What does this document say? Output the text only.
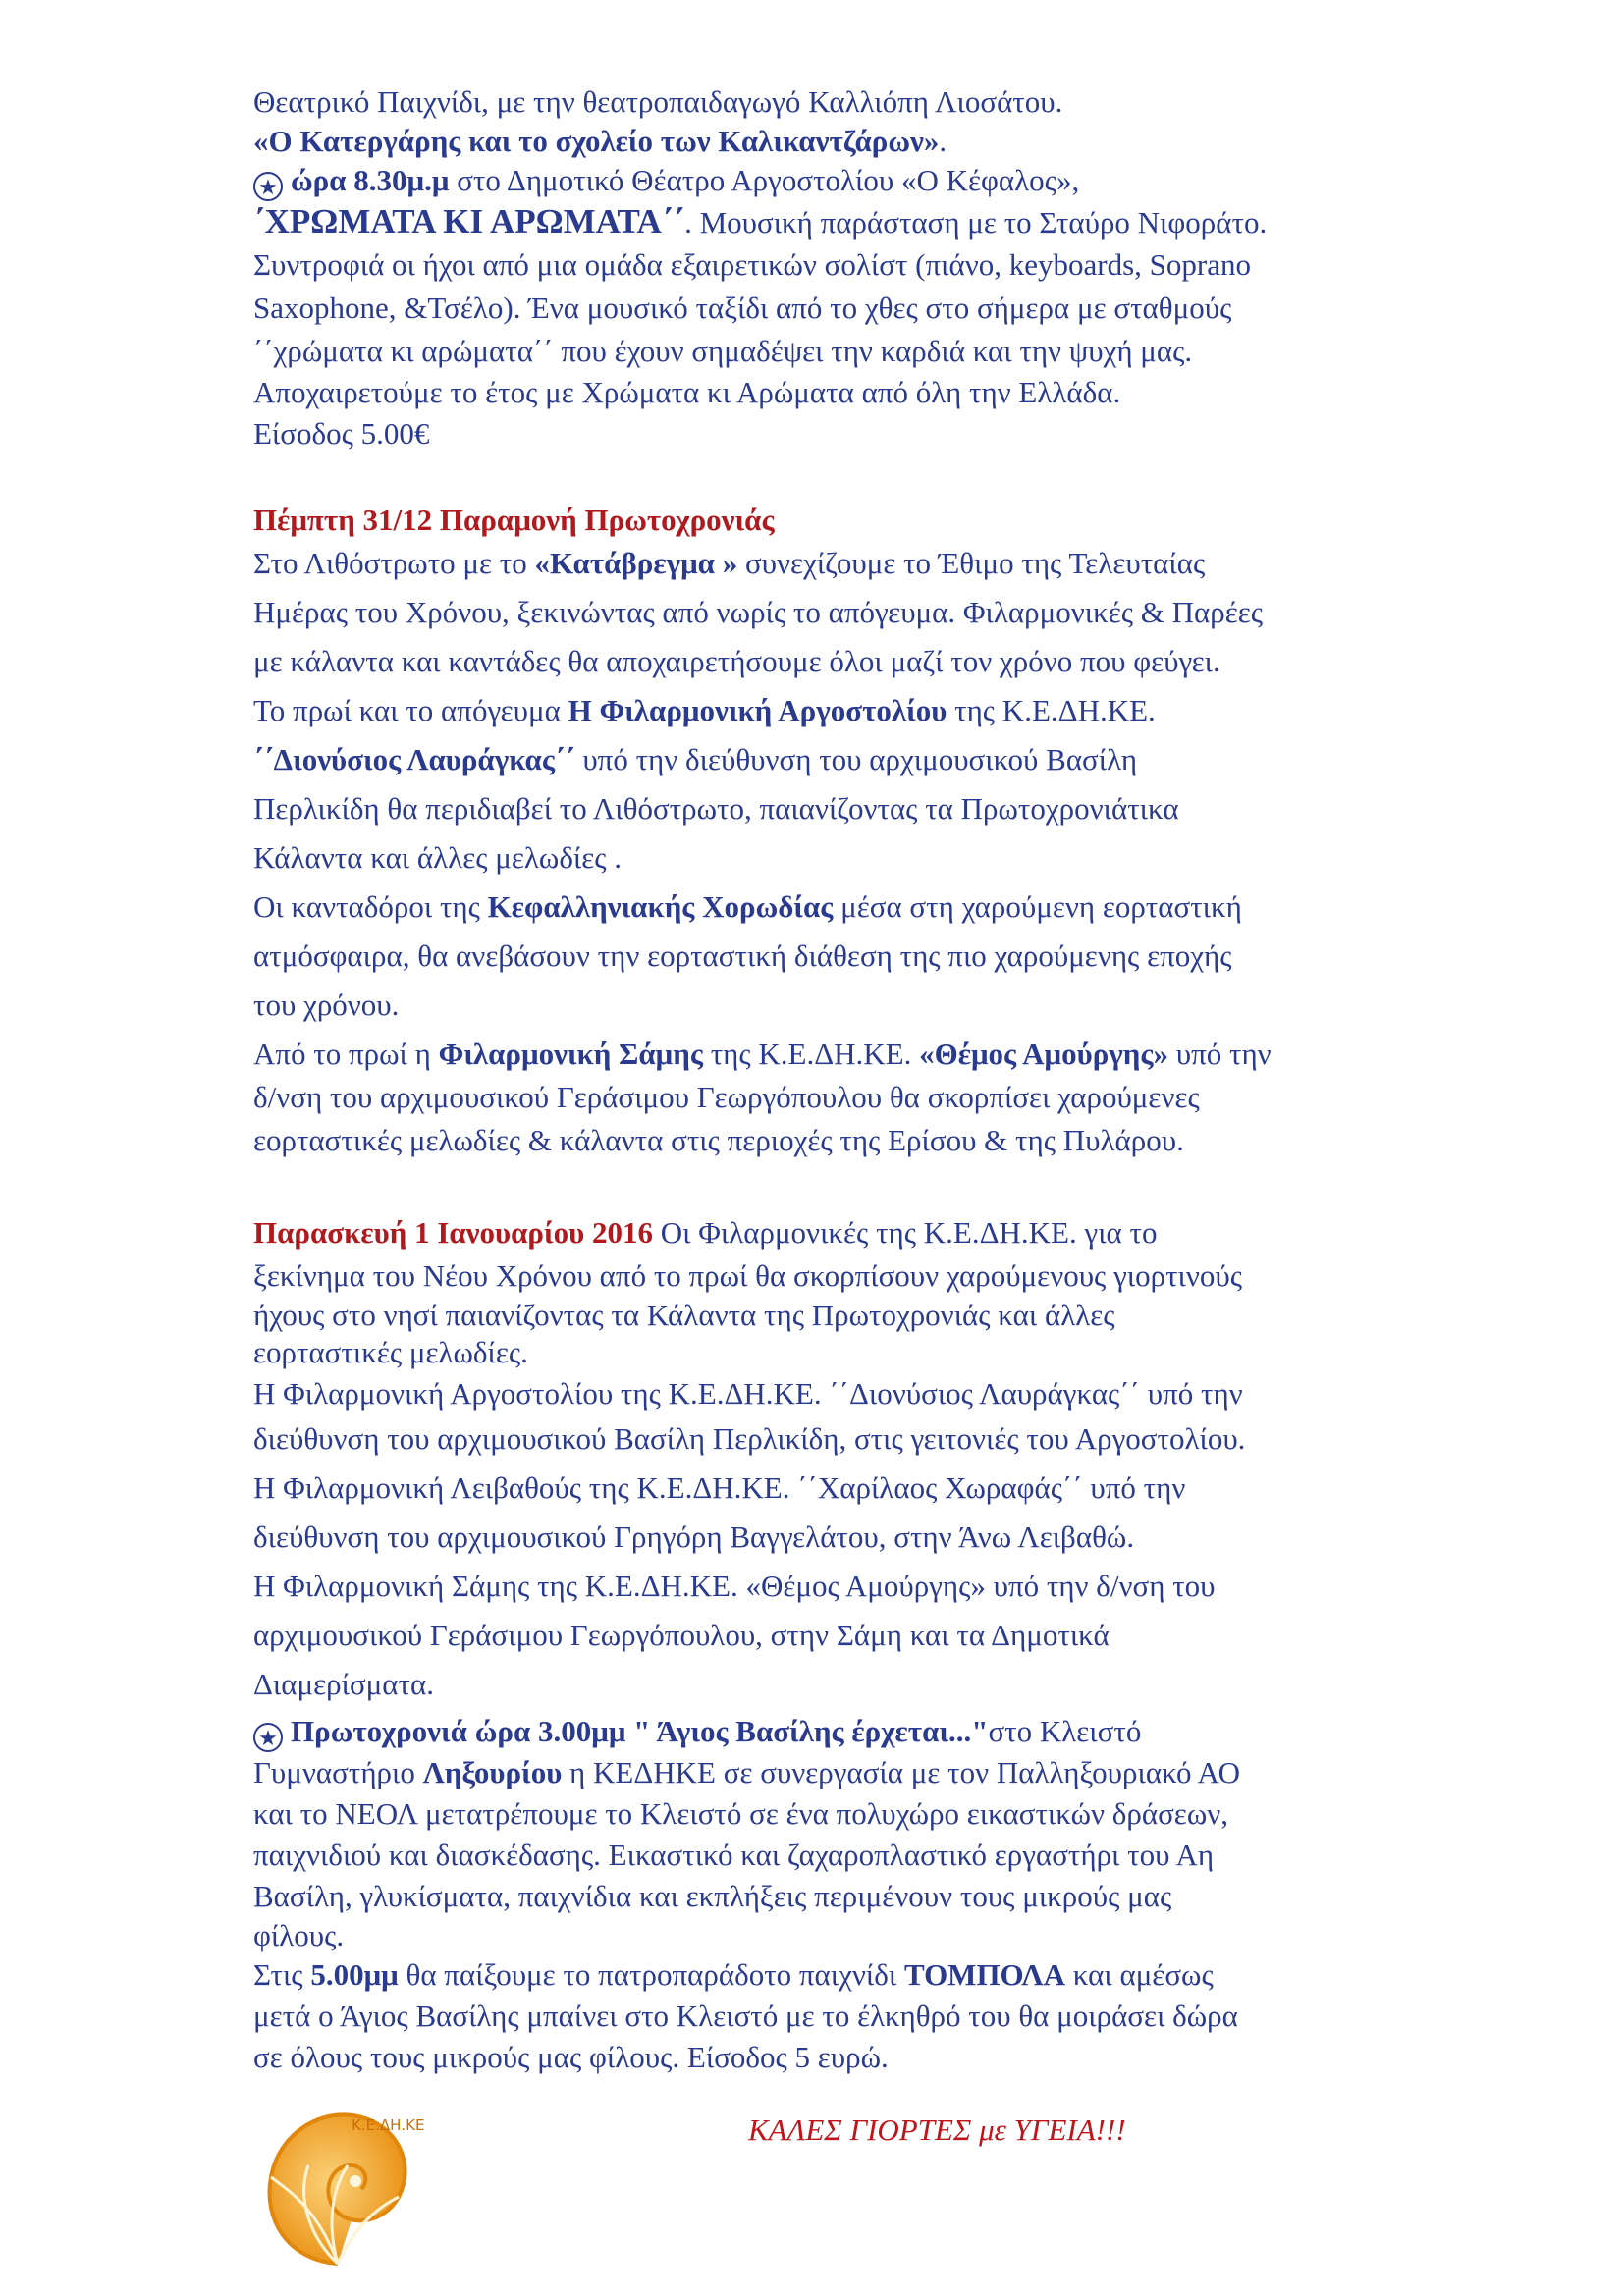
Θεατρικό Παιχνίδι, με την θεατροπαιδαγωγό Καλλιόπη Λιοσάτου.
«Ο Κατεργάρης και το σχολείο των Καλικαντζάρων».
★ ώρα 8.30μ.μ στο Δημοτικό Θέατρο Αργοστολίου «Ο Κέφαλος»,
΄ΧΡΩΜΑΤΑ ΚΙ ΑΡΩΜΑΤΑ΄΄. Μουσική παράσταση με το Σταύρο Νιφοράτο.
Συντροφιά οι ήχοι από μια ομάδα εξαιρετικών σολίστ (πιάνο, keyboards, Soprano
Saxophone, &Τσέλο). Ένα μουσικό ταξίδι από το χθες στο σήμερα με σταθμούς
΄΄χρώματα κι αρώματα΄΄ που έχουν σημαδέψει την καρδιά και την ψυχή μας.
Αποχαιρετούμε το έτος με Χρώματα κι Αρώματα από όλη την Ελλάδα.
Είσοδος 5.00€
Πέμπτη 31/12 Παραμονή Πρωτοχρονιάς
Στο Λιθόστρωτο με το «Κατάβρεγμα » συνεχίζουμε το Έθιμο της Τελευταίας
Ημέρας του Χρόνου, ξεκινώντας από νωρίς το απόγευμα. Φιλαρμονικές & Παρέες
με κάλαντα και καντάδες θα αποχαιρετήσουμε όλοι μαζί τον χρόνο που φεύγει.
Το πρωί και το απόγευμα Η Φιλαρμονική Αργοστολίου της Κ.Ε.ΔΗ.ΚΕ.
΄΄Διονύσιος Λαυράγκας΄΄ υπό την διεύθυνση του αρχιμουσικού Βασίλη
Περλικίδη θα περιδιαβεί το Λιθόστρωτο, παιανίζοντας τα Πρωτοχρονιάτικα
Κάλαντα και άλλες μελωδίες .
Οι κανταδόροι της Κεφαλληνιακής Χορωδίας μέσα στη χαρούμενη εορταστική
ατμόσφαιρα, θα ανεβάσουν την εορταστική διάθεση της πιο χαρούμενης εποχής
του χρόνου.
Από το πρωί η Φιλαρμονική Σάμης της Κ.Ε.ΔΗ.ΚΕ. «Θέμος Αμούργης» υπό την
δ/νση του αρχιμουσικού Γεράσιμου Γεωργόπουλου θα σκορπίσει χαρούμενες
εορταστικές μελωδίες & κάλαντα στις περιοχές της Ερίσου & της Πυλάρου.
Παρασκευή 1 Ιανουαρίου 2016 Οι Φιλαρμονικές της Κ.Ε.ΔΗ.ΚΕ. για το
ξεκίνημα του Νέου Χρόνου από το πρωί θα σκορπίσουν χαρούμενους γιορτινούς
ήχους στο νησί παιανίζοντας τα Κάλαντα της Πρωτοχρονιάς και άλλες
εορταστικές μελωδίες.
Η Φιλαρμονική Αργοστολίου της Κ.Ε.ΔΗ.ΚΕ. ΄΄Διονύσιος Λαυράγκας΄΄ υπό την
διεύθυνση του αρχιμουσικού Βασίλη Περλικίδη, στις γειτονιές του Αργοστολίου.
Η Φιλαρμονική Λειβαθούς της Κ.Ε.ΔΗ.ΚΕ. ΄΄Χαρίλαος Χωραφάς΄΄ υπό την
διεύθυνση του αρχιμουσικού Γρηγόρη Βαγγελάτου, στην Άνω Λειβαθώ.
Η Φιλαρμονική Σάμης της Κ.Ε.ΔΗ.ΚΕ. «Θέμος Αμούργης» υπό την δ/νση του
αρχιμουσικού Γεράσιμου Γεωργόπουλου, στην Σάμη και τα Δημοτικά
Διαμερίσματα.
★ Πρωτοχρονιά ώρα 3.00μμ " Άγιος Βασίλης έρχεται..."στο Κλειστό
Γυμναστήριο Ληξουρίου η ΚΕΔΗΚΕ σε συνεργασία με τον Παλληξουριακό ΑΟ
και το ΝΕΟΛ μετατρέπουμε το Κλειστό σε ένα πολυχώρο εικαστικών δράσεων,
παιχνιδιού και διασκέδασης. Εικαστικό και ζαχαροπλαστικό εργαστήρι του Αη
Βασίλη, γλυκίσματα, παιχνίδια και εκπλήξεις περιμένουν τους μικρούς μας
φίλους.
Στις 5.00μμ θα παίξουμε το πατροπαράδοτο παιχνίδι ΤΟΜΠΟΛΑ και αμέσως
μετά ο Άγιος Βασίλης μπαίνει στο Κλειστό με το έλκηθρό του θα μοιράσει δώρα
σε όλους τους μικρούς μας φίλους. Είσοδος 5 ευρώ.
Κ.Ε.ΔΗ.ΚΕ.	ΚΑΛΕΣ ΓΙΟΡΤΕΣ με ΥΓΕΙΑ!!!
